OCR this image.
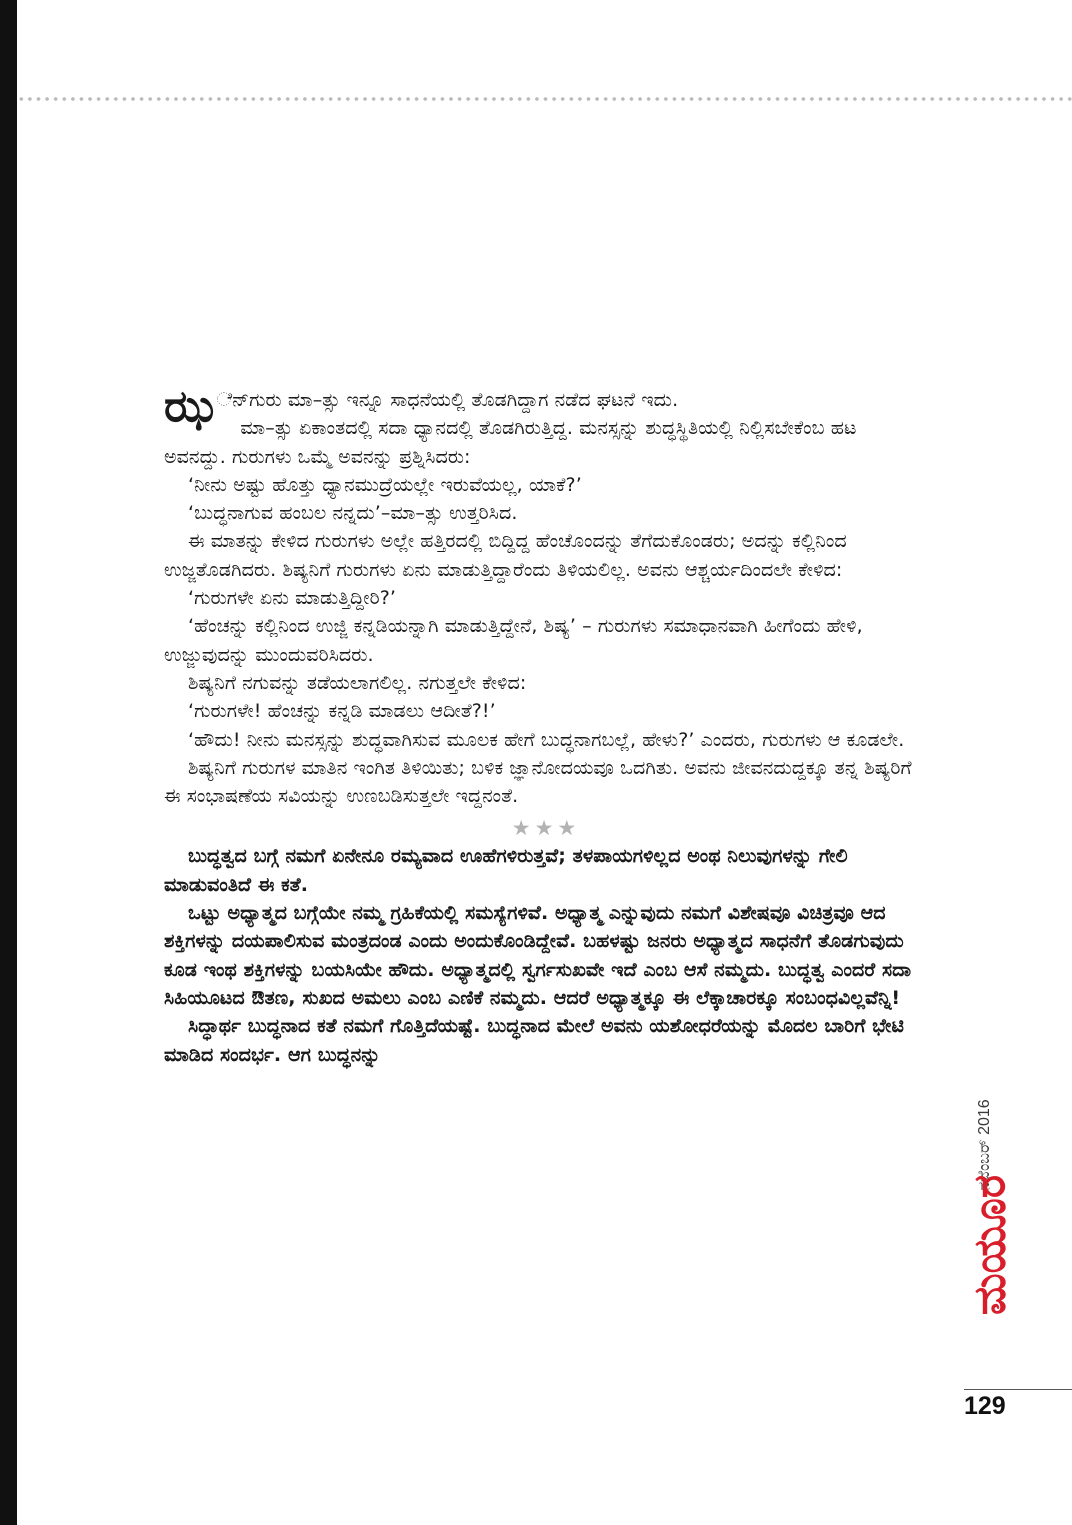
ಝ ೆನ್‌ಗುರು ಮಾ–ತ್ಸು ಇನ್ನೂ ಸಾಧನೆಯಲ್ಲಿ ತೊಡಗಿದ್ದಾಗ ನಡೆದ ಘಟನೆ ಇದು.

ಮಾ–ತ್ಸು ಏಕಾಂತದಲ್ಲಿ ಸದಾ ಧ್ಯಾನದಲ್ಲಿ ತೊಡಗಿರುತ್ತಿದ್ದ. ಮನಸ್ಸನ್ನು ಶುದ್ಧಸ್ಥಿತಿಯಲ್ಲಿ ನಿಲ್ಲಿಸಬೇಕೆಂಬ ಹಟ ಅವನದ್ದು. ಗುರುಗಳು ಒಮ್ಮೆ ಅವನನ್ನು ಪ್ರಶ್ನಿಸಿದರು:

‘ನೀನು ಅಷ್ಟು ಹೊತ್ತು ಧ್ಯಾನಮುದ್ರೆಯಲ್ಲೇ ಇರುವೆಯಲ್ಲ, ಯಾಕೆ?’

‘ಬುದ್ಧನಾಗುವ ಹಂಬಲ ನನ್ನದು’–ಮಾ–ತ್ಸು ಉತ್ತರಿಸಿದ.

ಈ ಮಾತನ್ನು ಕೇಳಿದ ಗುರುಗಳು ಅಲ್ಲೇ ಹತ್ತಿರದಲ್ಲಿ ಬಿದ್ದಿದ್ದ ಹೆಂಚೊಂದನ್ನು ತೆಗೆದುಕೊಂಡರು; ಅದನ್ನು ಕಲ್ಲಿನಿಂದ ಉಜ್ಜತೊಡಗಿದರು. ಶಿಷ್ಯನಿಗೆ ಗುರುಗಳು ಏನು ಮಾಡುತ್ತಿದ್ದಾರೆಂದು ತಿಳಿಯಲಿಲ್ಲ. ಅವನು ಆಶ್ಚರ್ಯದಿಂದಲೇ ಕೇಳಿದ:

‘ಗುರುಗಳೇ ಏನು ಮಾಡುತ್ತಿದ್ದೀರಿ?’

‘ಹೆಂಚನ್ನು ಕಲ್ಲಿನಿಂದ ಉಜ್ಜಿ ಕನ್ನಡಿಯನ್ನಾಗಿ ಮಾಡುತ್ತಿದ್ದೇನೆ, ಶಿಷ್ಯ’ – ಗುರುಗಳು ಸಮಾಧಾನವಾಗಿ ಹೀಗೆಂದು ಹೇಳಿ, ಉಜ್ಜುವುದನ್ನು ಮುಂದುವರಿಸಿದರು.

ಶಿಷ್ಯನಿಗೆ ನಗುವನ್ನು ತಡೆಯಲಾಗಲಿಲ್ಲ. ನಗುತ್ತಲೇ ಕೇಳಿದ:

‘ಗುರುಗಳೇ! ಹೆಂಚನ್ನು ಕನ್ನಡಿ ಮಾಡಲು ಆದೀತೆ?!’

‘ಹೌದು! ನೀನು ಮನಸ್ಸನ್ನು ಶುದ್ಧವಾಗಿಸುವ ಮೂಲಕ ಹೇಗೆ ಬುದ್ಧನಾಗಬಲ್ಲೆ, ಹೇಳು?’ ಎಂದರು, ಗುರುಗಳು ಆ ಕೂಡಲೇ.

ಶಿಷ್ಯನಿಗೆ ಗುರುಗಳ ಮಾತಿನ ಇಂಗಿತ ತಿಳಿಯಿತು; ಬಳಿಕ ಜ್ಞಾನೋದಯವೂ ಒದಗಿತು. ಅವನು ಜೀವನದುದ್ದಕ್ಕೂ ತನ್ನ ಶಿಷ್ಯರಿಗೆ ಈ ಸಂಭಾಷಣೆಯ ಸವಿಯನ್ನು ಉಣಬಡಿಸುತ್ತಲೇ ಇದ್ದನಂತೆ.

★★★

ಬುದ್ಧತ್ವದ ಬಗ್ಗೆ ನಮಗೆ ಏನೇನೂ ರಮ್ಯವಾದ ಊಹೆಗಳಿರುತ್ತವೆ; ತಳಪಾಯಗಳಿಲ್ಲದ ಅಂಥ ನಿಲುವುಗಳನ್ನು ಗೇಲಿ ಮಾಡುವಂತಿದೆ ಈ ಕತೆ.

ಒಟ್ಟು ಅಧ್ಯಾತ್ಮದ ಬಗ್ಗೆಯೇ ನಮ್ಮ ಗ್ರಹಿಕೆಯಲ್ಲಿ ಸಮಸ್ಯೆಗಳಿವೆ. ಅಧ್ಯಾತ್ಮ ಎನ್ನುವುದು ನಮಗೆ ವಿಶೇಷವೂ ವಿಚಿತ್ರವೂ ಆದ ಶಕ್ತಿಗಳನ್ನು ದಯಪಾಲಿಸುವ ಮಂತ್ರದಂಡ ಎಂದು ಅಂದುಕೊಂಡಿದ್ದೇವೆ. ಬಹಳಷ್ಟು ಜನರು ಅಧ್ಯಾತ್ಮದ ಸಾಧನೆಗೆ ತೊಡಗುವುದು ಕೂಡ ಇಂಥ ಶಕ್ತಿಗಳನ್ನು ಬಯಸಿಯೇ ಹೌದು. ಅಧ್ಯಾತ್ಮದಲ್ಲಿ ಸ್ವರ್ಗಸುಖವೇ ಇದೆ ಎಂಬ ಆಸೆ ನಮ್ಮದು. ಬುದ್ಧತ್ವ ಎಂದರೆ ಸದಾ ಸಿಹಿಯೂಟದ ಔತಣ, ಸುಖದ ಅಮಲು ಎಂಬ ಎಣಿಕೆ ನಮ್ಮದು. ಆದರೆ ಅಧ್ಯಾತ್ಮಕ್ಕೂ ಈ ಲೆಕ್ಕಾಚಾರಕ್ಕೂ ಸಂಬಂಧವಿಲ್ಲವೆನ್ನಿ!

ಸಿದ್ಧಾರ್ಥ ಬುದ್ಧನಾದ ಕತೆ ನಮಗೆ ಗೊತ್ತಿದೆಯಷ್ಟೆ. ಬುದ್ಧನಾದ ಮೇಲೆ ಅವನು ಯಶೋಧರೆಯನ್ನು ಮೊದಲ ಬಾರಿಗೆ ಭೇಟಿ ಮಾಡಿದ ಸಂದರ್ಭ. ಆಗ ಬುದ್ಧನನ್ನು

ನವೆಂಬರ್ 2016
ಮಯೂರ
129
